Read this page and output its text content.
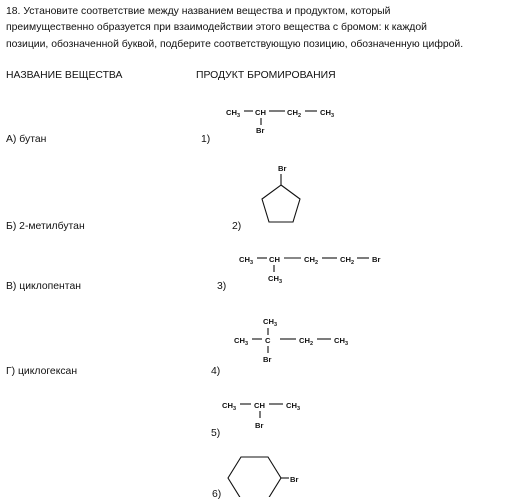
18. Установите соответствие между названием вещества и продуктом, который
преимущественно образуется при взаимодействии этого вещества с бромом: к каждой
позиции, обозначенной буквой, подберите соответствующую позицию, обозначенную цифрой.
НАЗВАНИЕ ВЕЩЕСТВА	ПРОДУКТ БРОМИРОВАНИЯ
А) бутан
Б) 2-метилбутан
В) циклопентан
Г) циклогексан
1)
2)
3)
4)
5)
6)
$CH_3$ CH	$CH_2$ $CH_3$
Br
Br
$CH_3$ CH	$CH_2$	$CH_2$ Br
$CH_3$
$CH_3$
$CH_3$ C	$CH_2$	$CH_3$
Br
$CH_3$ CH	$CH_3$
Br
Br
